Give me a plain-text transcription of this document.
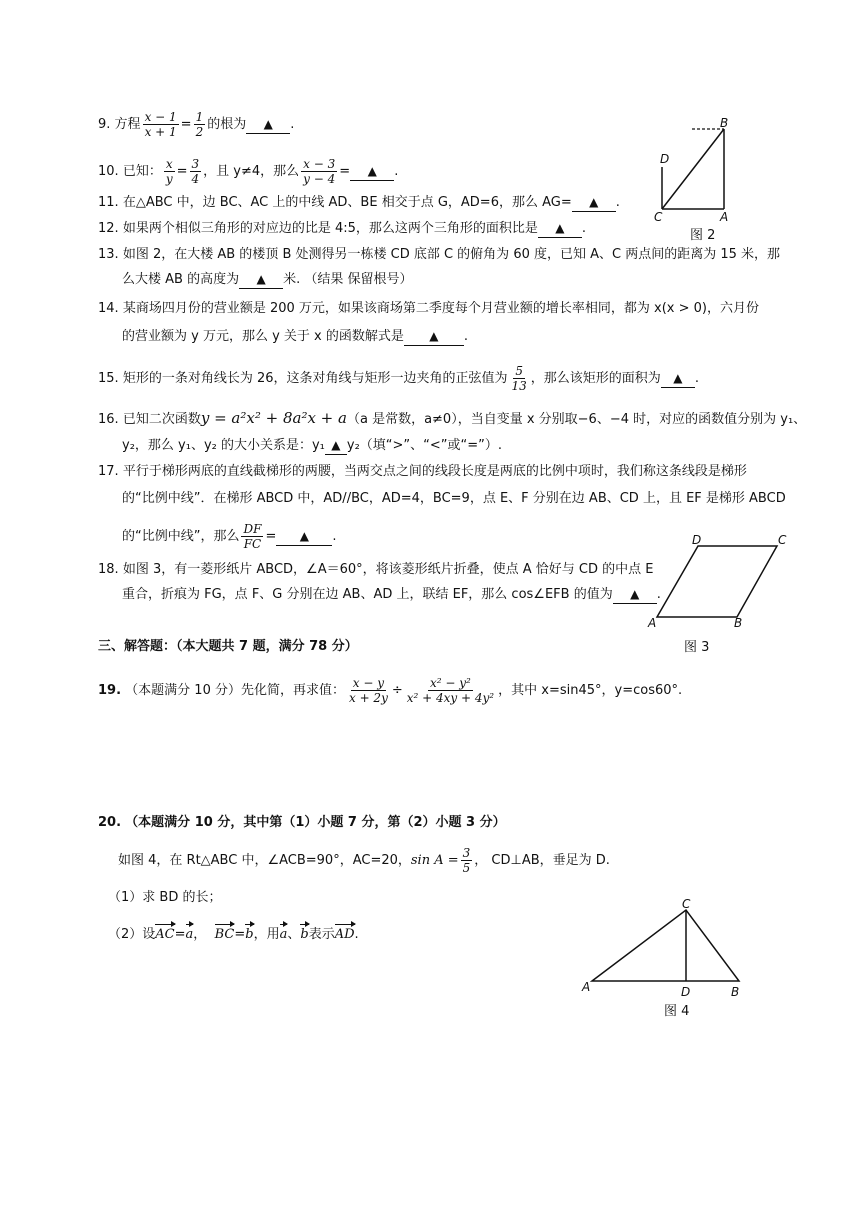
9. 方程 $\frac{x - 1}{x + 1} = \frac{1}{2}$ 的根为 ▲ .
10. 已知： $\frac{x}{y} = \frac{3}{4}$ ，且 y≠4，那么 $\frac{x - 3}{y - 4}$ = ▲ .
11. 在△ABC 中，边 BC、AC 上的中线 AD、BE 相交于点 G，AD=6，那么 AG= ▲ .
12. 如果两个相似三角形的对应边的比是 4:5，那么这两个三角形的面积比是 ▲ .
13. 如图 2，在大楼 AB 的楼顶 B 处测得另一栋楼 CD 底部 C 的俯角为 60 度，已知 A、C 两点间的距离为 15 米，那
么大楼 AB 的高度为 ▲ 米. （结果 保留根号）
14. 某商场四月份的营业额是 200 万元，如果该商场第二季度每个月营业额的增长率相同，都为 x(x > 0)，六月份
的营业额为 y 万元，那么 y 关于 x 的函数解式是 ▲ .
15. 矩形的一条对角线长为 26，这条对角线与矩形一边夹角的正弦值为 $\frac{5}{13}$ ，那么该矩形的面积为 ▲ .
16. 已知二次函数y = a²x² + 8a²x + a（a 是常数，a≠0），当自变量 x 分别取−6、−4 时，对应的函数值分别为 y₁、
y₂，那么 y₁、y₂ 的大小关系是：y₁ ▲ y₂（填“>”、“<”或“=”）.
17. 平行于梯形两底的直线截梯形的两腰，当两交点之间的线段长度是两底的比例中项时，我们称这条线段是梯形
的“比例中线”．在梯形 ABCD 中，AD//BC，AD=4，BC=9，点 E、F 分别在边 AB、CD 上，且 EF 是梯形 ABCD
的“比例中线”，那么 $\frac{DF}{FC}$ = ▲ .
18. 如图 3，有一菱形纸片 ABCD，∠A＝60°，将该菱形纸片折叠，使点 A 恰好与 CD 的中点 E
重合，折痕为 FG，点 F、G 分别在边 AB、AD 上，联结 EF，那么 cos∠EFB 的值为 ▲ .
三、解答题：（本大题共 7 题，满分 78 分）
19. （本题满分 10 分）先化简，再求值： $\frac{x - y}{x + 2y} \div \frac{\text{x² − y²}}{\text{x² + 4xy + 4y²}}$ ，其中 x=sin45°，y=cos60°.
20. （本题满分 10 分，其中第（1）小题 7 分，第（2）小题 3 分）
如图 4，在 Rt△ABC 中，∠ACB=90°，AC=20，$\sin A = \frac{3}{5}$ ， CD⊥AB，垂足为 D.
（1）求 BD 的长；
（2）设AC=a， BC=b，用a、b表示AD.
B
D
C	A
图 2
D	C
A	B
图 3
C
A	D	B
图 4
